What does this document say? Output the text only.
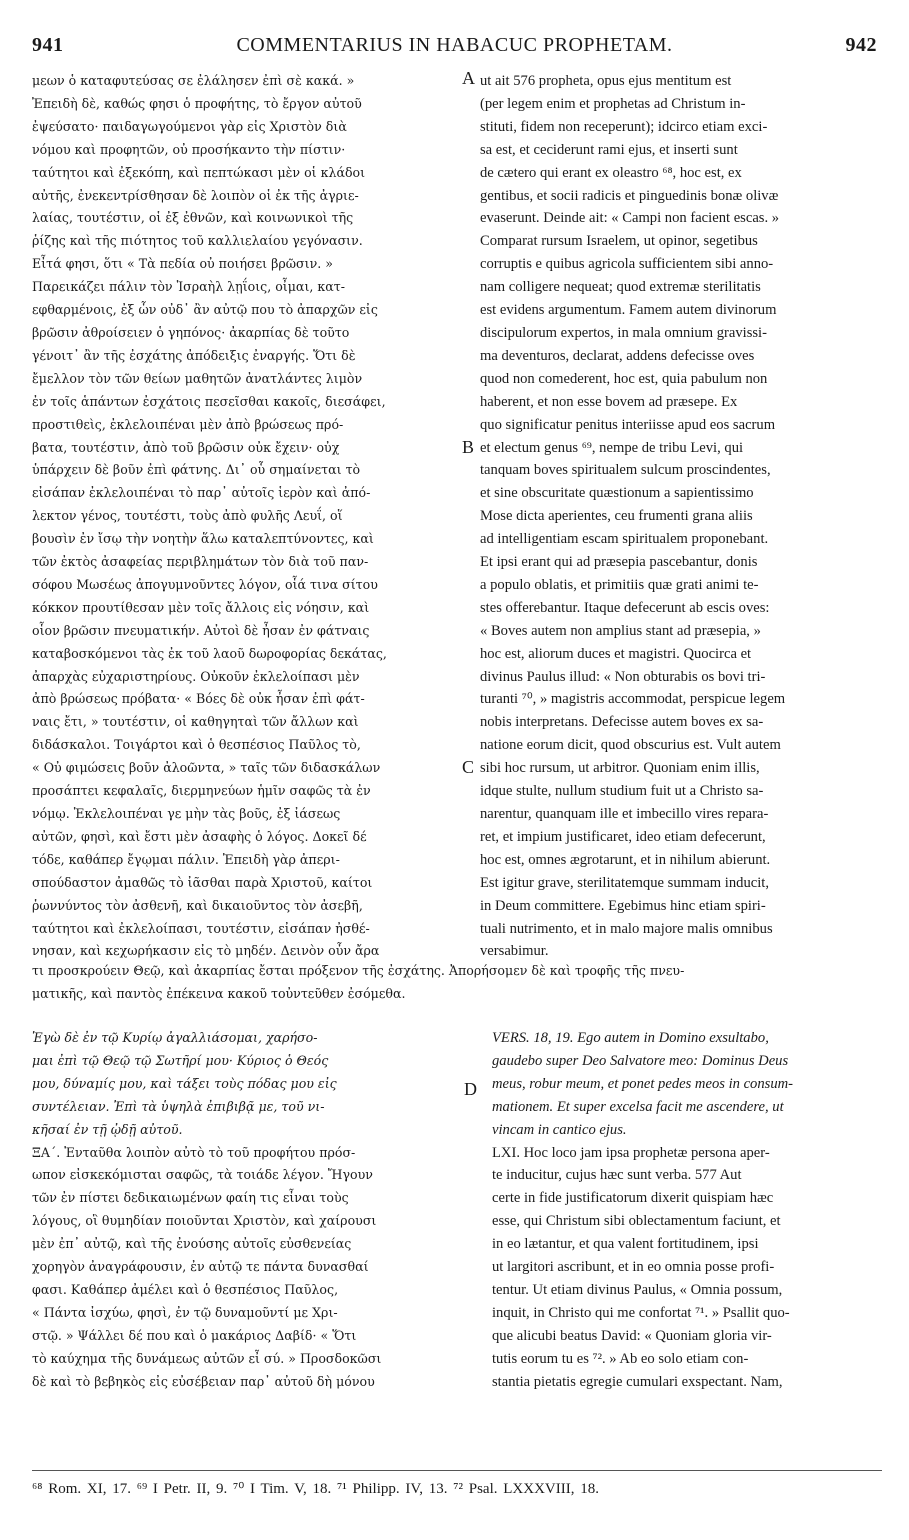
941	COMMENTARIUS IN HABACUC PROPHETAM.	942
μεων ὁ καταφυτεύσας σε ἐλάλησεν ἐπὶ σὲ κακά. »
Ἐπειδὴ δὲ, καθώς φησι ὁ προφήτης, τὸ ἔργον αὐτοῦ
ἐψεύσατο· παιδαγωγούμενοι γὰρ εἰς Χριστὸν διὰ
νόμου καὶ προφητῶν, οὐ προσήκαντο τὴν πίστιν·
ταύτητοι καὶ ἐξεκόπη, καὶ πεπτώκασι μὲν οἱ κλάδοι
αὐτῆς, ἐνεκεντρίσθησαν δὲ λοιπὸν οἱ ἐκ τῆς ἀγριε-
λαίας, τουτέστιν, οἱ ἐξ ἐθνῶν, καὶ κοινωνικοὶ τῆς
ῥίζης καὶ τῆς πιότητος τοῦ καλλιελαίου γεγόνασιν.
Εἶτά φησι, ὅτι « Τὰ πεδία οὐ ποιήσει βρῶσιν. »
Παρεικάζει πάλιν τὸν Ἰσραὴλ λῃΐοις, οἶμαι, κατ-
εφθαρμένοις, ἐξ ὧν οὐδ᾽ ἂν αὐτῷ που τὸ ἀπαρχῶν εἰς
βρῶσιν ἀθροίσειεν ὁ γηπόνος· ἀκαρπίας δὲ τοῦτο
γένοιτ᾽ ἂν τῆς ἐσχάτης ἀπόδειξις ἐναργής. Ὅτι δὲ
ἔμελλον τὸν τῶν θείων μαθητῶν ἀνατλάντες λιμὸν
ἐν τοῖς ἁπάντων ἐσχάτοις πεσεῖσθαι κακοῖς, διεσάφει,
προστιθεὶς, ἐκλελοιπέναι μὲν ἀπὸ βρώσεως πρό-
βατα, τουτέστιν, ἀπὸ τοῦ βρῶσιν οὐκ ἔχειν· οὐχ
ὑπάρχειν δὲ βοῦν ἐπὶ φάτνης. Δι᾽ οὗ σημαίνεται τὸ
εἰσάπαν ἐκλελοιπέναι τὸ παρ᾽ αὐτοῖς ἱερὸν καὶ ἀπό-
λεκτον γένος, τουτέστι, τοὺς ἀπὸ φυλῆς Λευΐ, οἵ
βουσὶν ἐν ἴσῳ τὴν νοητὴν ἅλω καταλεπτύνοντες, καὶ
τῶν ἐκτὸς ἀσαφείας περιβλημάτων τὸν διὰ τοῦ παν-
σόφου Μωσέως ἀπογυμνοῦντες λόγον, οἷά τινα σίτου
κόκκον προυτίθεσαν μὲν τοῖς ἄλλοις εἰς νόησιν, καὶ
οἷον βρῶσιν πνευματικήν. Αὐτοὶ δὲ ἦσαν ἐν φάτναις
καταβοσκόμενοι τὰς ἐκ τοῦ λαοῦ δωροφορίας δεκάτας,
ἀπαρχὰς εὐχαριστηρίους. Οὐκοῦν ἐκλελοίπασι μὲν
ἀπὸ βρώσεως πρόβατα· « Βόες δὲ οὐκ ἦσαν ἐπὶ φάτ-
ναις ἔτι, » τουτέστιν, οἱ καθηγηταὶ τῶν ἄλλων καὶ
διδάσκαλοι. Τοιγάρτοι καὶ ὁ θεσπέσιος Παῦλος τὸ,
« Οὐ φιμώσεις βοῦν ἀλοῶντα, » ταῖς τῶν διδασκάλων
προσάπτει κεφαλαῖς, διερμηνεύων ἡμῖν σαφῶς τὰ ἐν
νόμῳ. Ἐκλελοιπέναι γε μὴν τὰς βοῦς, ἐξ ἰάσεως
αὐτῶν, φησὶ, καὶ ἔστι μὲν ἀσαφὴς ὁ λόγος. Δοκεῖ δέ
τόδε, καθάπερ ἔγῳμαι πάλιν. Ἐπειδὴ γὰρ ἀπερι-
σπούδαστον ἀμαθῶς τὸ ἰᾶσθαι παρὰ Χριστοῦ, καίτοι
ῥωννύντος τὸν ἀσθενῆ, καὶ δικαιοῦντος τὸν ἀσεβῆ,
ταύτητοι καὶ ἐκλελοίπασι, τουτέστιν, εἰσάπαν ἠσθέ-
νησαν, καὶ κεχωρήκασιν εἰς τὸ μηδέν. Δεινὸν οὖν ἄρα
ut ait 576 propheta, opus ejus mentitum est
(per legem enim et prophetas ad Christum in-
stituti, fidem non receperunt); idcirco etiam exci-
sa est, et ceciderunt rami ejus, et inserti sunt
de cætero qui erant ex oleastro ⁶⁸, hoc est, ex
gentibus, et socii radicis et pinguedinis bonæ olivæ
evaserunt. Deinde ait: « Campi non facient escas. »
Comparat rursum Israelem, ut opinor, segetibus
corruptis e quibus agricola sufficientem sibi anno-
nam colligere nequeat; quod extremæ sterilitatis
est evidens argumentum. Famem autem divinorum
discipulorum expertos, in mala omnium gravissi-
ma deventuros, declarat, addens defecisse oves
quod non comederent, hoc est, quia pabulum non
haberent, et non esse bovem ad præsepe. Ex
quo significatur penitus interiisse apud eos sacrum
et electum genus ⁶⁹, nempe de tribu Levi, qui
tanquam boves spiritualem sulcum proscindentes,
et sine obscuritate quæstionum a sapientissimo
Mose dicta aperientes, ceu frumenti grana aliis
ad intelligentiam escam spiritualem proponebant.
Et ipsi erant qui ad præsepia pascebantur, donis
a populo oblatis, et primitiis quæ grati animi te-
stes offerebantur. Itaque defecerunt ab escis oves:
« Boves autem non amplius stant ad præsepia, »
hoc est, aliorum duces et magistri. Quocirca et
divinus Paulus illud: « Non obturabis os bovi tri-
turanti ⁷⁰, » magistris accommodat, perspicue legem
nobis interpretans. Defecisse autem boves ex sa-
natione eorum dicit, quod obscurius est. Vult autem
sibi hoc rursum, ut arbitror. Quoniam enim illis,
idque stulte, nullum studium fuit ut a Christo sa-
narentur, quanquam ille et imbecillo vires repara-
ret, et impium justificaret, ideo etiam defecerunt,
hoc est, omnes ægrotarunt, et in nihilum abierunt.
Est igitur grave, sterilitatemque summam inducit,
in Deum committere. Egebimus hinc etiam spiri-
tuali nutrimento, et in malo majore malis omnibus
versabimur.
A
B
C
D
τι προσκρούειν Θεῷ, καὶ ἀκαρπίας ἔσται πρόξενον τῆς ἐσχάτης. Ἀπορήσομεν δὲ καὶ τροφῆς τῆς πνευ-
ματικῆς, καὶ παντὸς ἐπέκεινα κακοῦ τοὐντεῦθεν ἐσόμεθα.
Ἐγὼ δὲ ἐν τῷ Κυρίῳ ἀγαλλιάσομαι, χαρήσο-
μαι ἐπὶ τῷ Θεῷ τῷ Σωτῆρί μου· Κύριος ὁ Θεός
μου, δύναμίς μου, καὶ τάξει τοὺς πόδας μου εἰς
συντέλειαν. Ἐπὶ τὰ ὑψηλὰ ἐπιβιβᾷ με, τοῦ νι-
κῆσαί ἐν τῇ ᾠδῇ αὐτοῦ.
ΞΑ΄. Ἐνταῦθα λοιπὸν αὐτὸ τὸ τοῦ προφήτου πρόσ-
ωπον εἰσκεκόμισται σαφῶς, τὰ τοιάδε λέγον. Ἤγουν
τῶν ἐν πίστει δεδικαιωμένων φαίη τις εἶναι τοὺς
λόγους, οἳ θυμηδίαν ποιοῦνται Χριστὸν, καὶ χαίρουσι
μὲν ἐπ᾽ αὐτῷ, καὶ τῆς ἐνούσης αὐτοῖς εὐσθενείας
χορηγὸν ἀναγράφουσιν, ἐν αὐτῷ τε πάντα δυνασθαί
φασι. Καθάπερ ἀμέλει καὶ ὁ θεσπέσιος Παῦλος,
« Πάντα ἰσχύω, φησὶ, ἐν τῷ δυναμοῦντί με Χρι-
στῷ. » Ψάλλει δέ που καὶ ὁ μακάριος Δαβίδ· « Ὅτι
τὸ καύχημα τῆς δυνάμεως αὐτῶν εἶ σύ. » Προσδοκῶσι
δὲ καὶ τὸ βεβηκὸς εἰς εὐσέβειαν παρ᾽ αὐτοῦ δὴ μόνου
VERS. 18, 19. Ego autem in Domino exsultabo,
gaudebo super Deo Salvatore meo: Dominus Deus
meus, robur meum, et ponet pedes meos in consum-
mationem. Et super excelsa facit me ascendere, ut
vincam in cantico ejus.
LXI. Hoc loco jam ipsa prophetæ persona aper-
te inducitur, cujus hæc sunt verba. 577 Aut
certe in fide justificatorum dixerit quispiam hæc
esse, qui Christum sibi oblectamentum faciunt, et
in eo lætantur, et qua valent fortitudinem, ipsi
ut largitori ascribunt, et in eo omnia posse profi-
tentur. Ut etiam divinus Paulus, « Omnia possum,
inquit, in Christo qui me confortat ⁷¹. » Psallit quo-
que alicubi beatus David: « Quoniam gloria vir-
tutis eorum tu es ⁷². » Ab eo solo etiam con-
stantia pietatis egregie cumulari exspectant. Nam,
⁶⁸ Rom. XI, 17. ⁶⁹ I Petr. II, 9. ⁷⁰ I Tim. V, 18. ⁷¹ Philipp. IV, 13. ⁷² Psal. LXXXVIII, 18.
